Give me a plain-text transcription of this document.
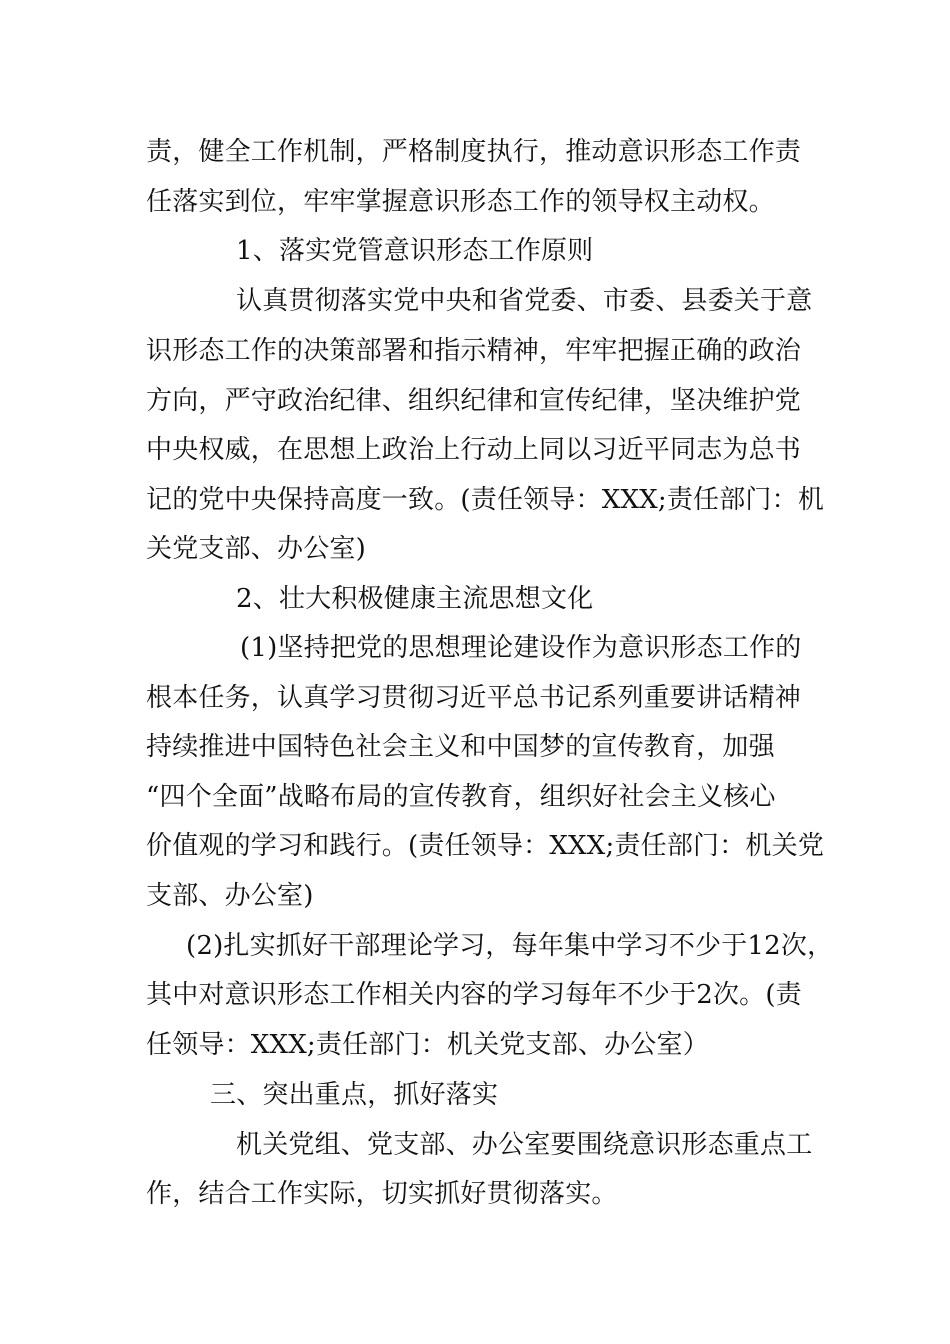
责，健全工作机制，严格制度执行，推动意识形态工作责
任落实到位，牢牢掌握意识形态工作的领导权主动权。
1、落实党管意识形态工作原则
认真贯彻落实党中央和省党委、市委、县委关于意
识形态工作的决策部署和指示精神，牢牢把握正确的政治
方向，严守政治纪律、组织纪律和宣传纪律，坚决维护党
中央权威，在思想上政治上行动上同以习近平同志为总书
记的党中央保持高度一致。(责任领导：XXX;责任部门：机
关党支部、办公室)
2、壮大积极健康主流思想文化
(1)坚持把党的思想理论建设作为意识形态工作的
根本任务，认真学习贯彻习近平总书记系列重要讲话精神
持续推进中国特色社会主义和中国梦的宣传教育，加强
“四个全面”战略布局的宣传教育，组织好社会主义核心
价值观的学习和践行。(责任领导：XXX;责任部门：机关党
支部、办公室)
(2)扎实抓好干部理论学习，每年集中学习不少于12次，
其中对意识形态工作相关内容的学习每年不少于2次。(责
任领导：XXX;责任部门：机关党支部、办公室）
三、突出重点，抓好落实
机关党组、党支部、办公室要围绕意识形态重点工
作，结合工作实际，切实抓好贯彻落实。
